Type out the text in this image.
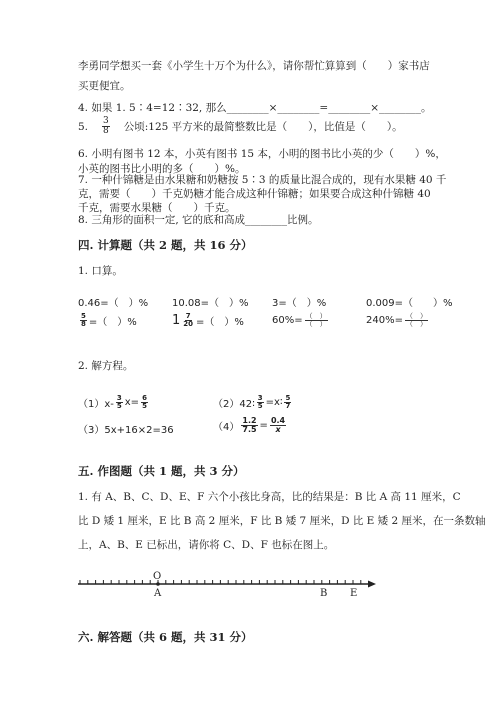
李勇同学想买一套《小学生十万个为什么》，请你帮忙算算到（　　）家书店
买更便宜。
4. 如果 1. 5∶4=12∶32, 那么________×________=________×________。
5. $\frac{3}{8}$ 公顷:125 平方米的最简整数比是（　　），比值是（　　）。
6. 小明有图书 12 本，小英有图书 15 本，小明的图书比小英的少（　　）%，
小英的图书比小明的多（　　）%。
7. 一种什锦糖是由水果糖和奶糖按 5∶3 的质量比混合成的，现有水果糖 40 千
克，需要（　　）千克奶糖才能合成这种什锦糖；如果要合成这种什锦糖 40
千克，需要水果糖（　　）千克。
8. 三角形的面积一定, 它的底和高成________比例。
四. 计算题（共 2 题，共 16 分）
1. 口算。
0.46=（　）% 10.08=（　）% 3=（　）%	0.009=（　　）%
$\frac{5}{8}$ =（　）%	$1 \frac{7}{20}$ =（　）%	$60\%= \frac{( )}{( )}$	$240\%= \frac{( )}{( )}$
2. 解方程。
$(1)x- \frac{3}{5} x= \frac{6}{5}$	（2）42∶ $\frac{3}{5}$ =x∶ $\frac{5}{7}$
（3）5x+16×2=36	$(4) \frac{1.2}{7.5} = \frac{0.4}{x}$
五. 作图题（共 1 题，共 3 分）
1. 有 A、B、C、D、E、F 六个小孩比身高，比的结果是：B 比 A 高 11 厘米，C
比 D 矮 1 厘米，E 比 B 高 2 厘米，F 比 B 矮 7 厘米，D 比 E 矮 2 厘米，在一条数轴
上，A、B、E 已标出，请你将 C、D、F 也标在图上。
O
A	B E
六. 解答题（共 6 题，共 31 分）
